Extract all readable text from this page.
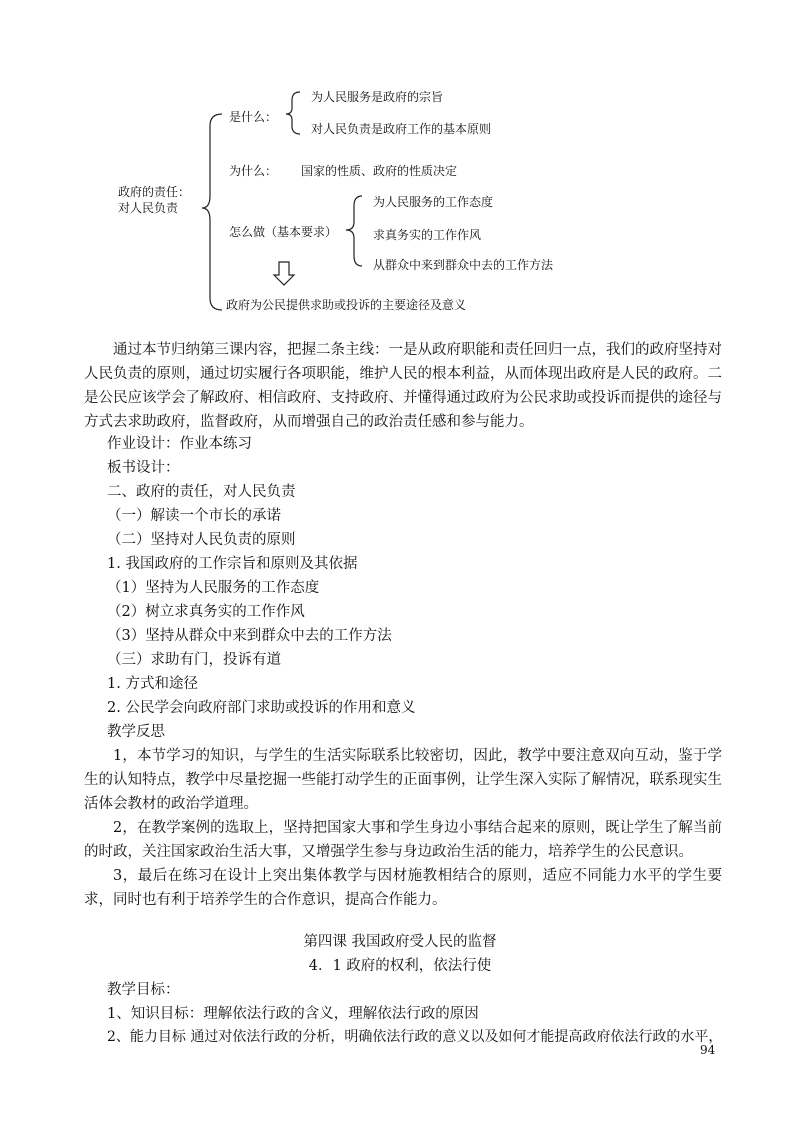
政府的责任：
对人民负责
是什么：
为人民服务是政府的宗旨
对人民负责是政府工作的基本原则
为什么： 国家的性质、政府的性质决定
怎么做（基本要求）
为人民服务的工作态度
求真务实的工作作风
从群众中来到群众中去的工作方法
政府为公民提供求助或投诉的主要途径及意义
通过本节归纳第三课内容，把握二条主线：一是从政府职能和责任回归一点，我们的政府坚持对人民负责的原则，通过切实履行各项职能，维护人民的根本利益，从而体现出政府是人民的政府。二是公民应该学会了解政府、相信政府、支持政府、并懂得通过政府为公民求助或投诉而提供的途径与方式去求助政府，监督政府，从而增强自己的政治责任感和参与能力。
作业设计：作业本练习
板书设计：
二、政府的责任，对人民负责
（一）解读一个市长的承诺
（二）坚持对人民负责的原则
1. 我国政府的工作宗旨和原则及其依据
（1）坚持为人民服务的工作态度
（2）树立求真务实的工作作风
（3）坚持从群众中来到群众中去的工作方法
（三）求助有门，投诉有道
1. 方式和途径
2. 公民学会向政府部门求助或投诉的作用和意义
教学反思
1，本节学习的知识，与学生的生活实际联系比较密切，因此，教学中要注意双向互动，鉴于学生的认知特点，教学中尽量挖掘一些能打动学生的正面事例，让学生深入实际了解情况，联系现实生活体会教材的政治学道理。
2，在教学案例的选取上，坚持把国家大事和学生身边小事结合起来的原则，既让学生了解当前的时政，关注国家政治生活大事，又增强学生参与身边政治生活的能力，培养学生的公民意识。
3，最后在练习在设计上突出集体教学与因材施教相结合的原则，适应不同能力水平的学生要求，同时也有利于培养学生的合作意识，提高合作能力。
第四课 我国政府受人民的监督
4．1 政府的权利，依法行使
教学目标：
1、知识目标：理解依法行政的含义，理解依法行政的原因
2、能力目标 通过对依法行政的分析，明确依法行政的意义以及如何才能提高政府依法行政的水平，
94
